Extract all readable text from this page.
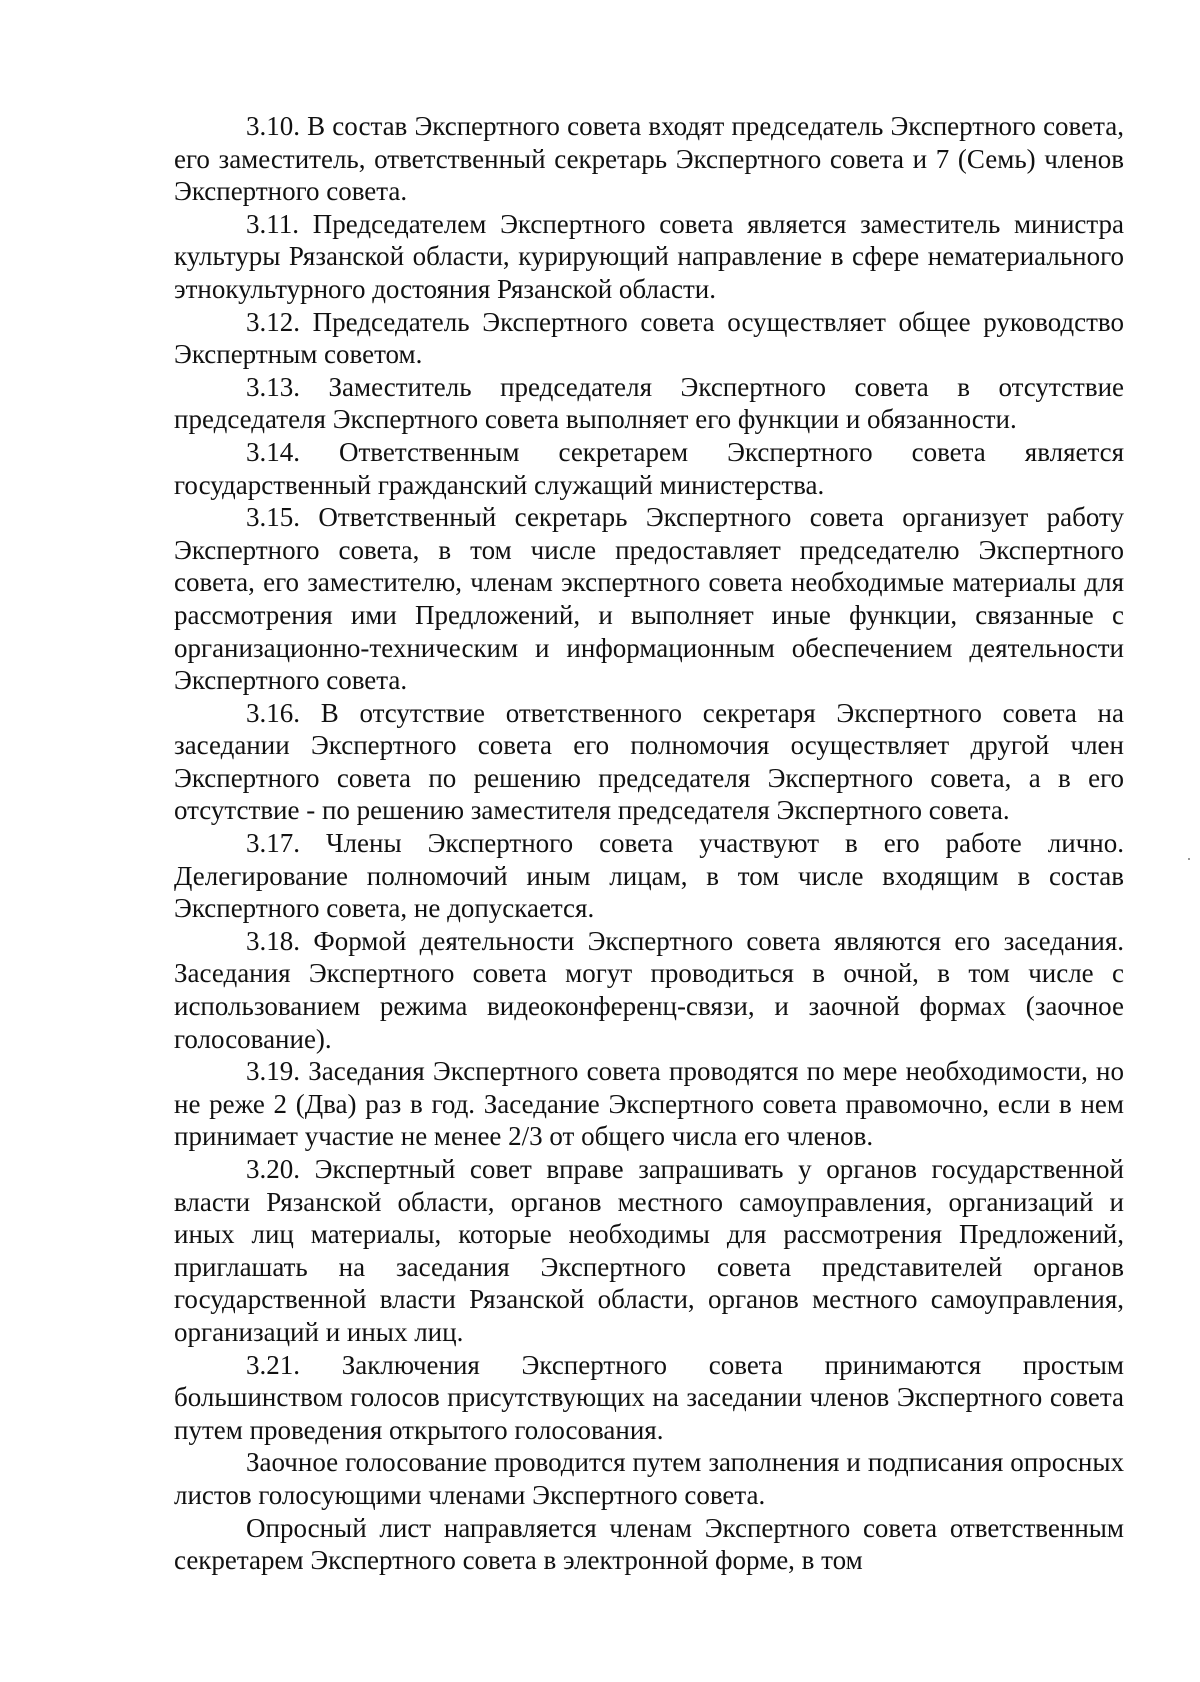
3.10. В состав Экспертного совета входят председатель Экспертного совета, его заместитель, ответственный секретарь Экспертного совета и 7 (Семь) членов Экспертного совета.

3.11. Председателем Экспертного совета является заместитель министра культуры Рязанской области, курирующий направление в сфере нематериального этнокультурного достояния Рязанской области.

3.12. Председатель Экспертного совета осуществляет общее руководство Экспертным советом.

3.13. Заместитель председателя Экспертного совета в отсутствие председателя Экспертного совета выполняет его функции и обязанности.

3.14. Ответственным секретарем Экспертного совета является государственный гражданский служащий министерства.

3.15. Ответственный секретарь Экспертного совета организует работу Экспертного совета, в том числе предоставляет председателю Экспертного совета, его заместителю, членам экспертного совета необходимые материалы для рассмотрения ими Предложений, и выполняет иные функции, связанные с организационно-техническим и информационным обеспечением деятельности Экспертного совета.

3.16. В отсутствие ответственного секретаря Экспертного совета на заседании Экспертного совета его полномочия осуществляет другой член Экспертного совета по решению председателя Экспертного совета, а в его отсутствие - по решению заместителя председателя Экспертного совета.

3.17. Члены Экспертного совета участвуют в его работе лично. Делегирование полномочий иным лицам, в том числе входящим в состав Экспертного совета, не допускается.

3.18. Формой деятельности Экспертного совета являются его заседания. Заседания Экспертного совета могут проводиться в очной, в том числе с использованием режима видеоконференц-связи, и заочной формах (заочное голосование).

3.19. Заседания Экспертного совета проводятся по мере необходимости, но не реже 2 (Два) раз в год. Заседание Экспертного совета правомочно, если в нем принимает участие не менее 2/3 от общего числа его членов.

3.20. Экспертный совет вправе запрашивать у органов государственной власти Рязанской области, органов местного самоуправления, организаций и иных лиц материалы, которые необходимы для рассмотрения Предложений, приглашать на заседания Экспертного совета представителей органов государственной власти Рязанской области, органов местного самоуправления, организаций и иных лиц.

3.21. Заключения Экспертного совета принимаются простым большинством голосов присутствующих на заседании членов Экспертного совета путем проведения открытого голосования.

Заочное голосование проводится путем заполнения и подписания опросных листов голосующими членами Экспертного совета.

Опросный лист направляется членам Экспертного совета ответственным секретарем Экспертного совета в электронной форме, в том
